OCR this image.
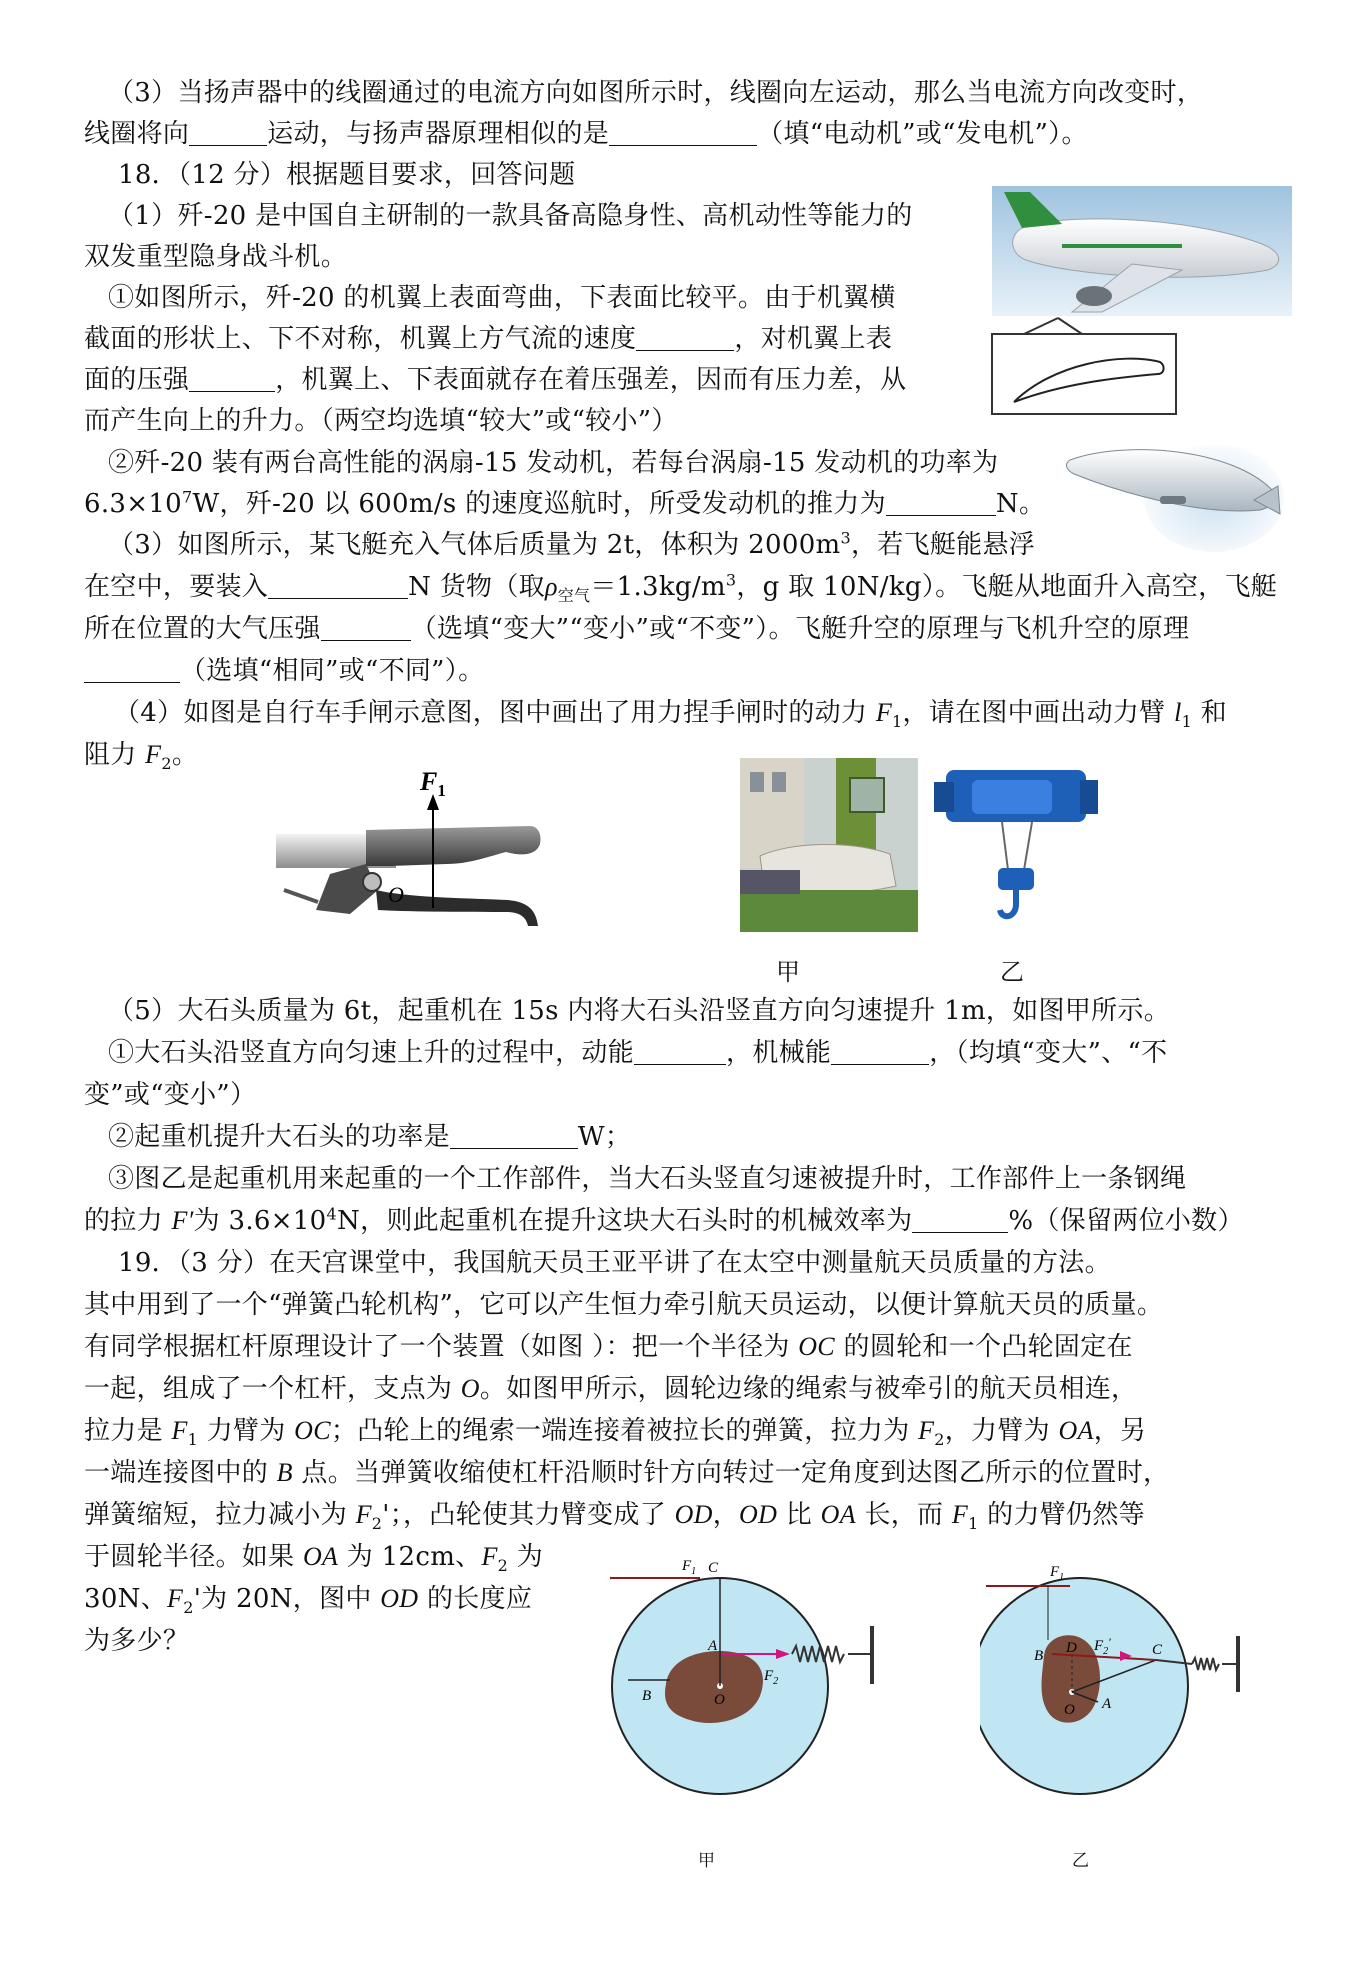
（3）当扬声器中的线圈通过的电流方向如图所示时，线圈向左运动，那么当电流方向改变时，
线圈将向	运动，与扬声器原理相似的是	（填“电动机”或“发电机”）。
18．（12 分）根据题目要求，回答问题
（1）歼-20 是中国自主研制的一款具备高隐身性、高机动性等能力的
双发重型隐身战斗机。
①如图所示，歼-20 的机翼上表面弯曲，下表面比较平。由于机翼横
截面的形状上、下不对称，机翼上方气流的速度	，对机翼上表
面的压强	，机翼上、下表面就存在着压强差，因而有压力差，从
而产生向上的升力。（两空均选填“较大”或“较小”）
②歼-20 装有两台高性能的涡扇-15 发动机，若每台涡扇-15 发动机的功率为
$6.3\times 10^7W$，歼-20 以 600m/s 的速度巡航时，所受发动机的推力为	N。
（3）如图所示，某飞艇充入气体后质量为 2t，体积为 $2000m^3$，若飞艇能悬浮
在空中，要装入	N 货物（取$\rho_{空气}=1.3kg/m^3$，g 取 10N/kg）。飞艇从地面升入高空，飞艇
所在位置的大气压强	（选填“变大”“变小”或“不变”）。飞艇升空的原理与飞机升空的原理
（选填“相同”或“不同”）。
（4）如图是自行车手闸示意图，图中画出了用力捏手闸时的动力 $F_1$，请在图中画出动力臂 $l_1$ 和
阻力 $F_2$。
（5）大石头质量为 6t，起重机在 15s 内将大石头沿竖直方向匀速提升 1m，如图甲所示。
①大石头沿竖直方向匀速上升的过程中，动能	，机械能	，（均填“变大”、“不
变”或“变小”）
②起重机提升大石头的功率是	W；
③图乙是起重机用来起重的一个工作部件，当大石头竖直匀速被提升时，工作部件上一条钢绳
的拉力 F′为 $3.6\times 10^4N$，则此起重机在提升这块大石头时的机械效率为	%（保留两位小数）
19．（3 分）在天宫课堂中，我国航天员王亚平讲了在太空中测量航天员质量的方法。
其中用到了一个“弹簧凸轮机构”，它可以产生恒力牵引航天员运动，以便计算航天员的质量。
有同学根据杠杆原理设计了一个装置（如图 ）：把一个半径为 OC 的圆轮和一个凸轮固定在
一起，组成了一个杠杆，支点为 O。如图甲所示，圆轮边缘的绳索与被牵引的航天员相连，
拉力是 $F_1$ 力臂为 OC；凸轮上的绳索一端连接着被拉长的弹簧，拉力为 $F_2$，力臂为 OA，另
一端连接图中的 B 点。当弹簧收缩使杠杆沿顺时针方向转过一定角度到达图乙所示的位置时，
弹簧缩短，拉力减小为 $F_2'$；，凸轮使其力臂变成了 OD，OD 比 OA 长，而 $F_1$ 的力臂仍然等
于圆轮半径。如果 OA 为 12cm、$F_2$ 为
30N、$F_2'$为 20N，图中 OD 的长度应
为多少？
$F_1$
O
甲	乙
$F_1$ C
A
O
B
$F_2$
$F_1$
B D $F_2'$	C
O A
甲	乙
